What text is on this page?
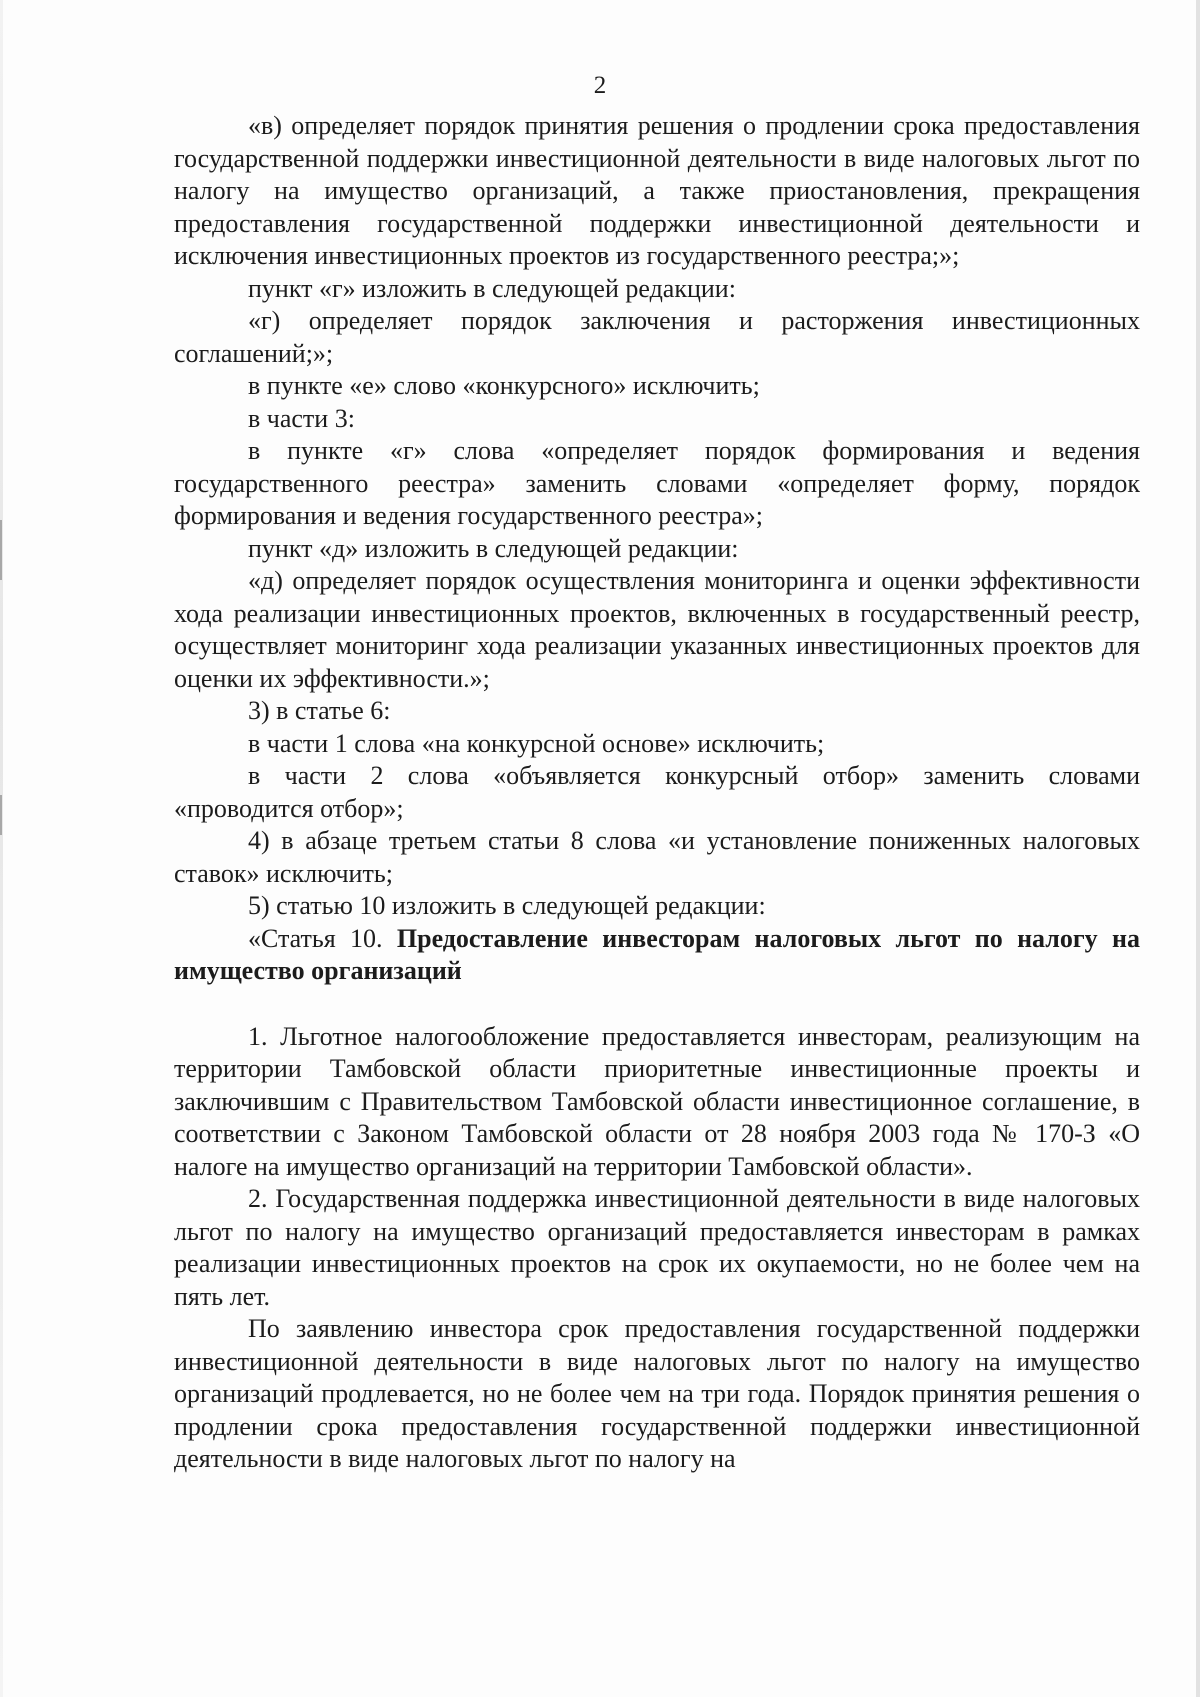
2

«в) определяет порядок принятия решения о продлении срока предоставления государственной поддержки инвестиционной деятельности в виде налоговых льгот по налогу на имущество организаций, а также приостановления, прекращения предоставления государственной поддержки инвестиционной деятельности и исключения инвестиционных проектов из государственного реестра;»;

пункт «г» изложить в следующей редакции:

«г) определяет порядок заключения и расторжения инвестиционных соглашений;»;

в пункте «е» слово «конкурсного» исключить;

в части 3:

в пункте «г» слова «определяет порядок формирования и ведения государственного реестра» заменить словами «определяет форму, порядок формирования и ведения государственного реестра»;

пункт «д» изложить в следующей редакции:

«д) определяет порядок осуществления мониторинга и оценки эффективности хода реализации инвестиционных проектов, включенных в государственный реестр, осуществляет мониторинг хода реализации указанных инвестиционных проектов для оценки их эффективности.»;

3) в статье 6:

в части 1 слова «на конкурсной основе» исключить;

в части 2 слова «объявляется конкурсный отбор» заменить словами «проводится отбор»;

4) в абзаце третьем статьи 8 слова «и установление пониженных налоговых ставок» исключить;

5) статью 10 изложить в следующей редакции:

«Статья 10. Предоставление инвесторам налоговых льгот по налогу на имущество организаций

1. Льготное налогообложение предоставляется инвесторам, реализующим на территории Тамбовской области приоритетные инвестиционные проекты и заключившим с Правительством Тамбовской области инвестиционное соглашение, в соответствии с Законом Тамбовской области от 28 ноября 2003 года № 170-З «О налоге на имущество организаций на территории Тамбовской области».

2. Государственная поддержка инвестиционной деятельности в виде налоговых льгот по налогу на имущество организаций предоставляется инвесторам в рамках реализации инвестиционных проектов на срок их окупаемости, но не более чем на пять лет.

По заявлению инвестора срок предоставления государственной поддержки инвестиционной деятельности в виде налоговых льгот по налогу на имущество организаций продлевается, но не более чем на три года. Порядок принятия решения о продлении срока предоставления государственной поддержки инвестиционной деятельности в виде налоговых льгот по налогу на
